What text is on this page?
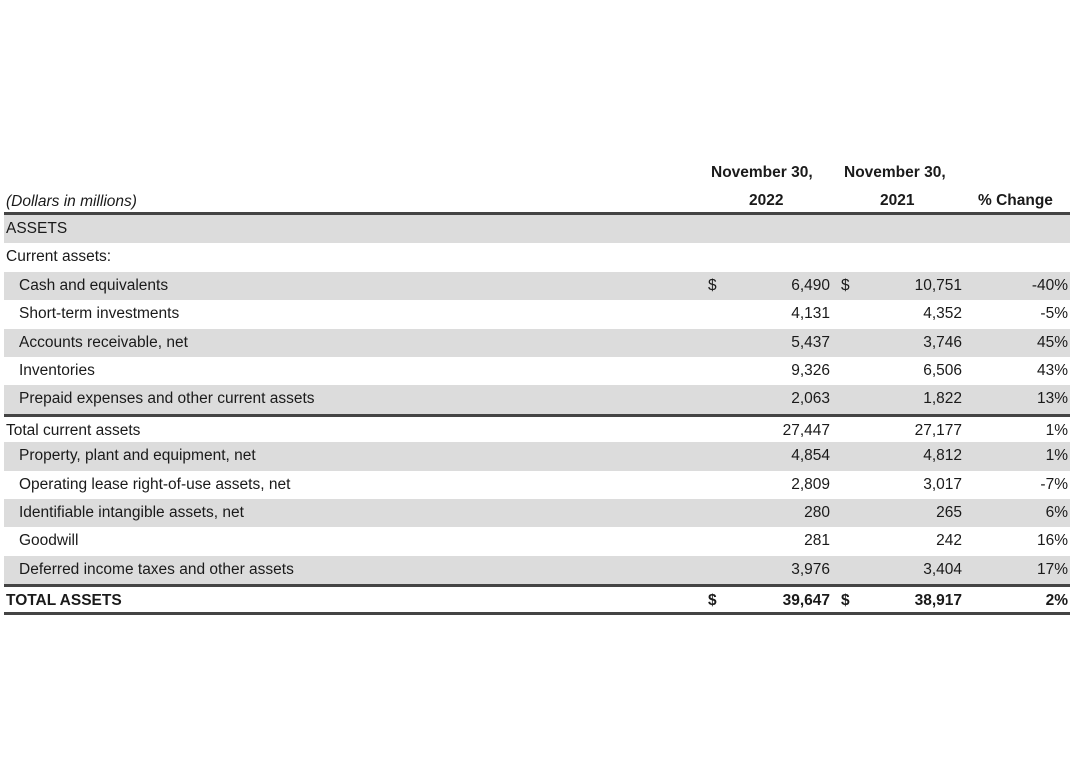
(Dollars in millions)
November 30, November 30,
2022	2021	% Change
ASSETS
Current assets:
Cash and equivalents	$	6,490 $	10,751	-40%
Short-term investments	4,131	4,352	-5%
Accounts receivable, net	5,437	3,746	45%
Inventories	9,326	6,506	43%
Prepaid expenses and other current assets	2,063	1,822	13%
Total current assets	27,447	27,177	1%
Property, plant and equipment, net	4,854	4,812	1%
Operating lease right-of-use assets, net	2,809	3,017	-7%
Identifiable intangible assets, net	280	265	6%
Goodwill	281	242	16%
Deferred income taxes and other assets	3,976	3,404	17%
TOTAL ASSETS	$	39,647 $	38,917	2%
